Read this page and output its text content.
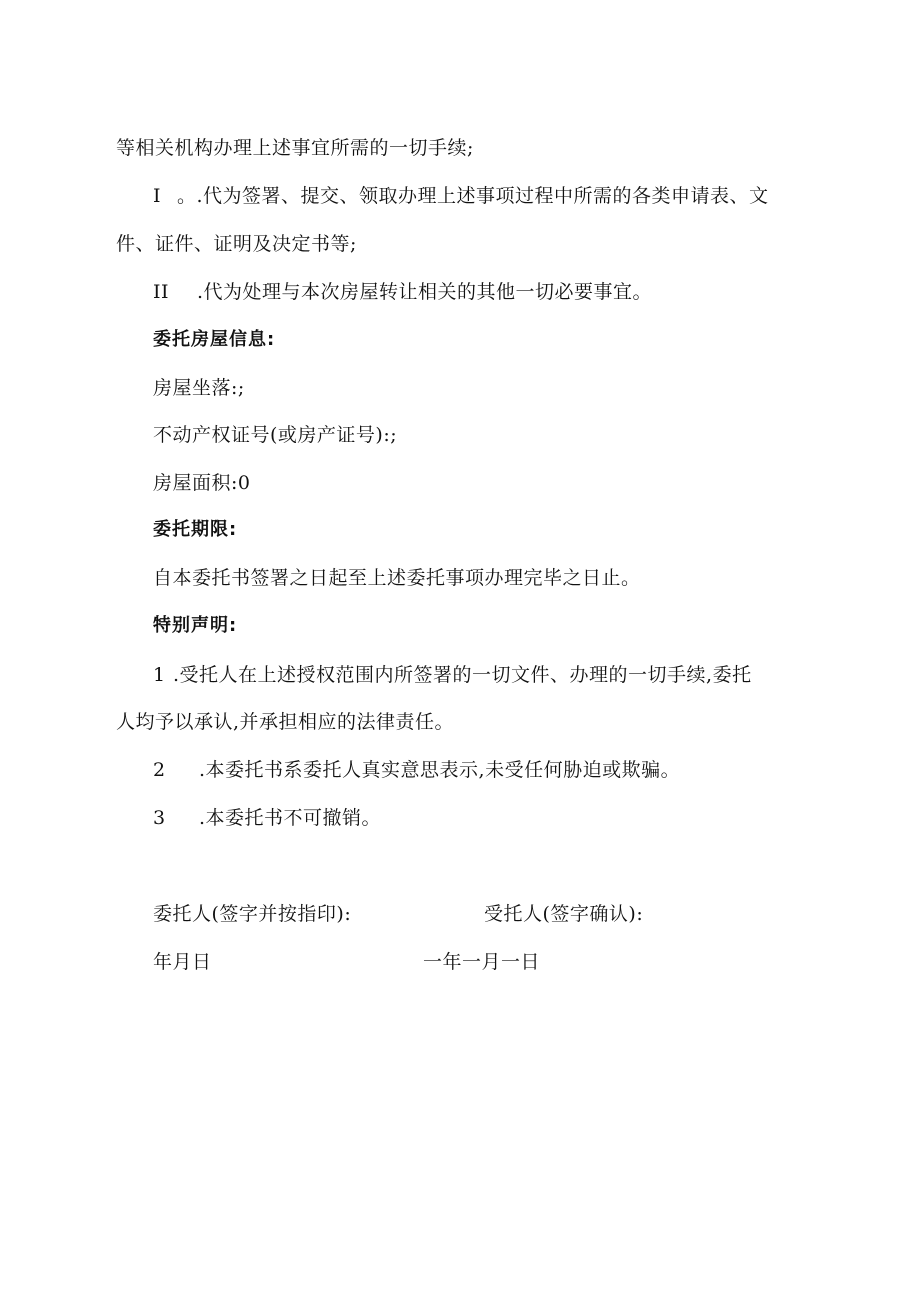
等相关机构办理上述事宜所需的一切手续;
I 。.代为签署、提交、领取办理上述事项过程中所需的各类申请表、文
件、证件、证明及决定书等;
II .代为处理与本次房屋转让相关的其他一切必要事宜。
委托房屋信息:
房屋坐落:;
不动产权证号(或房产证号):;
房屋面积:0
委托期限:
自本委托书签署之日起至上述委托事项办理完毕之日止。
特别声明:
1 .受托人在上述授权范围内所签署的一切文件、办理的一切手续,委托
人均予以承认,并承担相应的法律责任。
2 .本委托书系委托人真实意思表示,未受任何胁迫或欺骗。
3 .本委托书不可撤销。
委托人(签字并按指印):	受托人(签字确认):
年月日	一年一月一日
